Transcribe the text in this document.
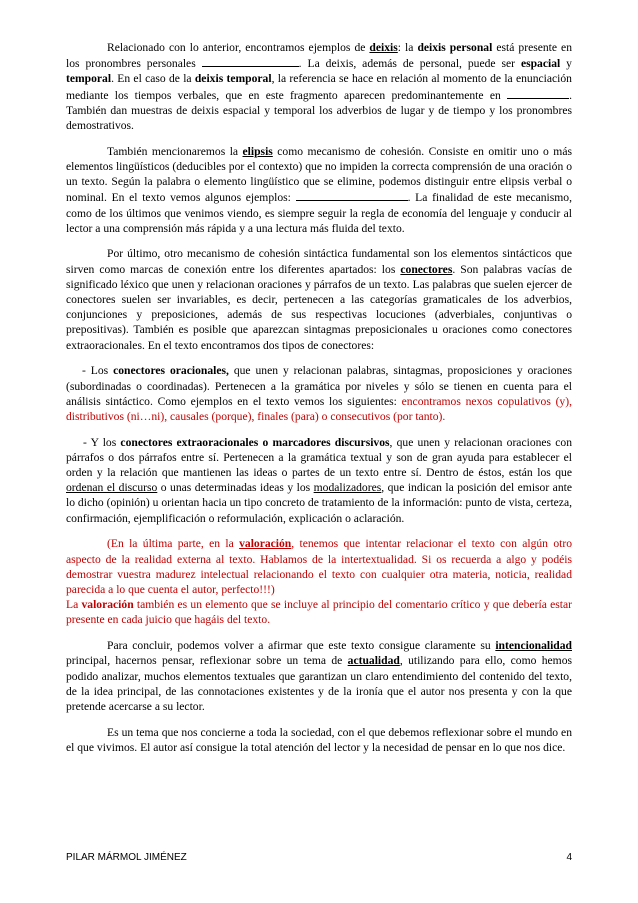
Relacionado con lo anterior, encontramos ejemplos de deixis: la deixis personal está presente en los pronombres personales	. La deixis, además de personal, puede ser espacial y temporal. En el caso de la deixis temporal, la referencia se hace en relación al momento de la enunciación mediante los tiempos verbales, que en este fragmento aparecen predominantemente en	. También dan muestras de deixis espacial y temporal los adverbios de lugar y de tiempo y los pronombres demostrativos.

También mencionaremos la elipsis como mecanismo de cohesión. Consiste en omitir uno o más elementos lingüísticos (deducibles por el contexto) que no impiden la correcta comprensión de una oración o un texto. Según la palabra o elemento lingüístico que se elimine, podemos distinguir entre elipsis verbal o nominal. En el texto vemos algunos ejemplos:	. La finalidad de este mecanismo, como de los últimos que venimos viendo, es siempre seguir la regla de economía del lenguaje y conducir al lector a una comprensión más rápida y a una lectura más fluida del texto.

Por último, otro mecanismo de cohesión sintáctica fundamental son los elementos sintácticos que sirven como marcas de conexión entre los diferentes apartados: los conectores. Son palabras vacías de significado léxico que unen y relacionan oraciones y párrafos de un texto. Las palabras que suelen ejercer de conectores suelen ser invariables, es decir, pertenecen a las categorías gramaticales de los adverbios, conjunciones y preposiciones, además de sus respectivas locuciones (adverbiales, conjuntivas o prepositivas). También es posible que aparezcan sintagmas preposicionales u oraciones como conectores extraoracionales. En el texto encontramos dos tipos de conectores:

- Los conectores oracionales, que unen y relacionan palabras, sintagmas, proposiciones y oraciones (subordinadas o coordinadas). Pertenecen a la gramática por niveles y sólo se tienen en cuenta para el análisis sintáctico. Como ejemplos en el texto vemos los siguientes: encontramos nexos copulativos (y), distributivos (ni…ni), causales (porque), finales (para) o consecutivos (por tanto).

- Y los conectores extraoracionales o marcadores discursivos, que unen y relacionan oraciones con párrafos o dos párrafos entre sí. Pertenecen a la gramática textual y son de gran ayuda para establecer el orden y la relación que mantienen las ideas o partes de un texto entre sí. Dentro de éstos, están los que ordenan el discurso o unas determinadas ideas y los modalizadores, que indican la posición del emisor ante lo dicho (opinión) u orientan hacia un tipo concreto de tratamiento de la información: punto de vista, certeza, confirmación, ejemplificación o reformulación, explicación o aclaración.

(En la última parte, en la valoración, tenemos que intentar relacionar el texto con algún otro aspecto de la realidad externa al texto. Hablamos de la intertextualidad. Si os recuerda a algo y podéis demostrar vuestra madurez intelectual relacionando el texto con cualquier otra materia, noticia, realidad parecida a lo que cuenta el autor, perfecto!!!)

La valoración también es un elemento que se incluye al principio del comentario crítico y que debería estar presente en cada juicio que hagáis del texto.

Para concluir, podemos volver a afirmar que este texto consigue claramente su intencionalidad principal, hacernos pensar, reflexionar sobre un tema de actualidad, utilizando para ello, como hemos podido analizar, muchos elementos textuales que garantizan un claro entendimiento del contenido del texto, de la idea principal, de las connotaciones existentes y de la ironía que el autor nos presenta y con la que pretende acercarse a su lector.

Es un tema que nos concierne a toda la sociedad, con el que debemos reflexionar sobre el mundo en el que vivimos. El autor así consigue la total atención del lector y la necesidad de pensar en lo que nos dice.

PILAR MÁRMOL JIMÉNEZ	4
